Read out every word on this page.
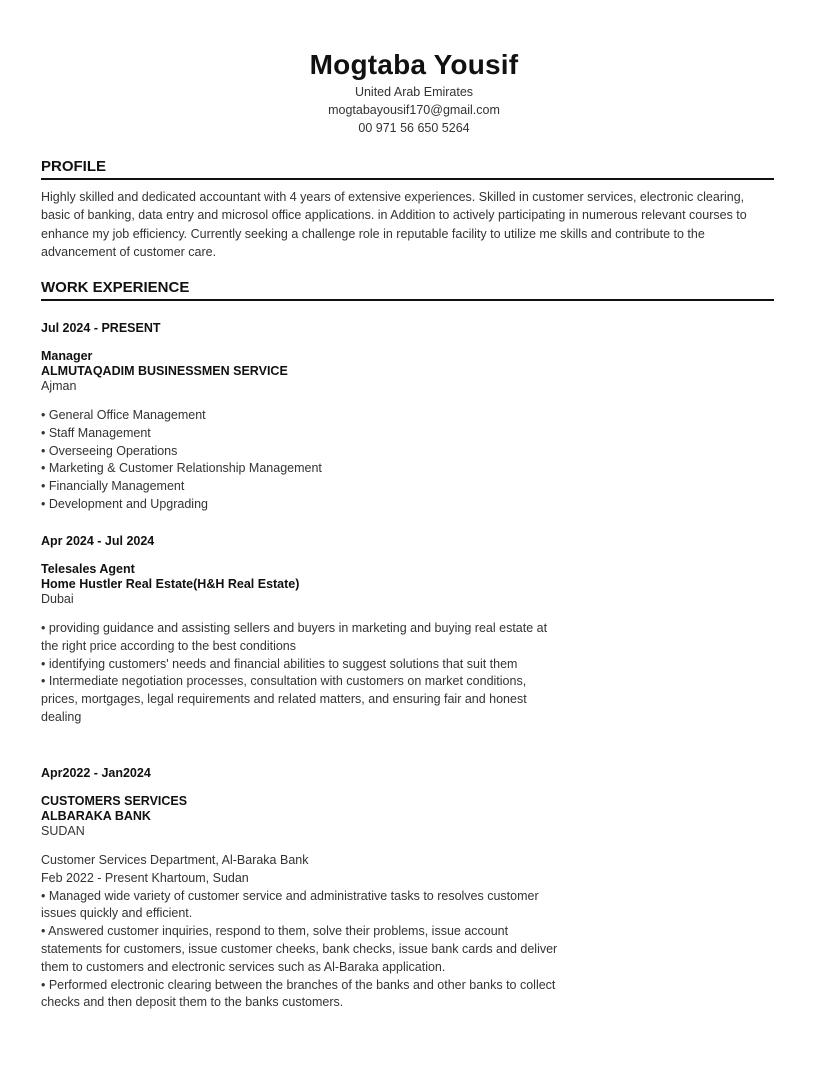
Mogtaba Yousif
United Arab Emirates
mogtabayousif170@gmail.com
00 971 56 650 5264
PROFILE
Highly skilled and dedicated accountant with 4 years of extensive experiences. Skilled in customer services, electronic clearing, basic of banking, data entry and microsol office applications. in Addition to actively participating in numerous relevant courses to enhance my job efficiency. Currently seeking a challenge role in reputable facility to utilize me skills and contribute to the advancement of customer care.
WORK EXPERIENCE
Jul 2024 - PRESENT
Manager
ALMUTAQADIM BUSINESSMEN SERVICE
Ajman
• General Office Management
• Staff Management
• Overseeing Operations
• Marketing & Customer Relationship Management
• Financially Management
• Development and Upgrading
Apr 2024 - Jul 2024
Telesales Agent
Home Hustler Real Estate(H&H Real Estate)
Dubai
• providing guidance and assisting sellers and buyers in marketing and buying real estate at the right price according to the best conditions
• identifying customers' needs and financial abilities to suggest solutions that suit them
• Intermediate negotiation processes, consultation with customers on market conditions, prices, mortgages, legal requirements and related matters, and ensuring fair and honest dealing
Apr2022 - Jan2024
CUSTOMERS SERVICES
ALBARAKA BANK
SUDAN
Customer Services Department, Al-Baraka Bank
Feb 2022 - Present Khartoum, Sudan
• Managed wide variety of customer service and administrative tasks to resolves customer issues quickly and efficient.
• Answered customer inquiries, respond to them, solve their problems, issue account statements for customers, issue customer cheeks, bank checks, issue bank cards and deliver them to customers and electronic services such as Al-Baraka application.
• Performed electronic clearing between the branches of the banks and other banks to collect checks and then deposit them to the banks customers.
